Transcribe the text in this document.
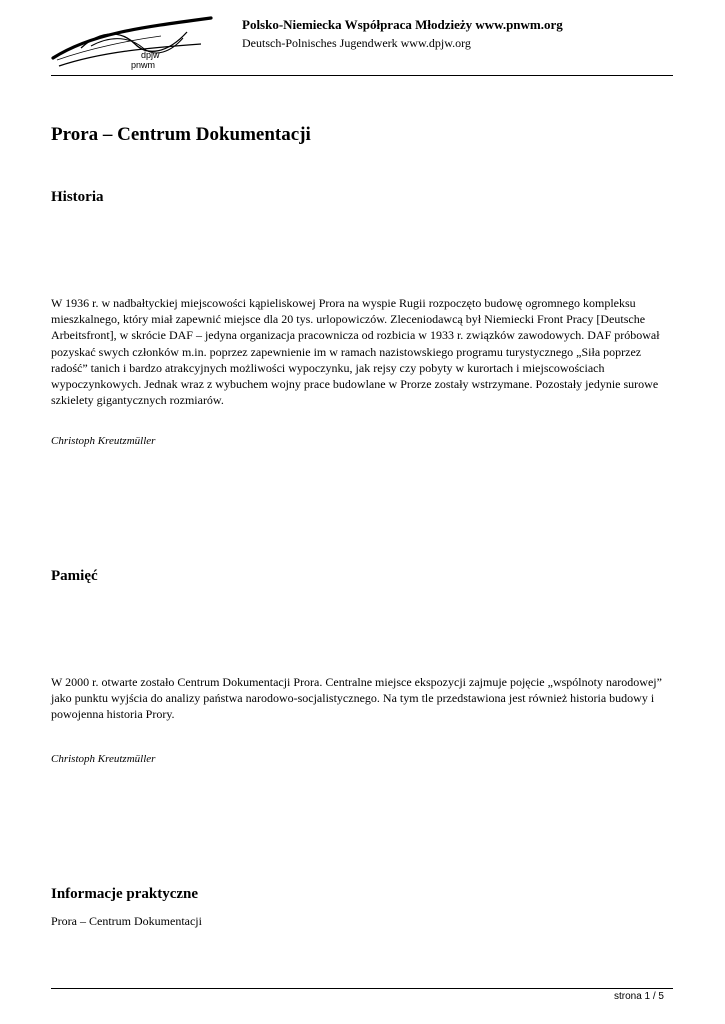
dpjw
pnwm
Polsko-Niemiecka Współpraca Młodzieży www.pnwm.org
Deutsch-Polnisches Jugendwerk www.dpjw.org
Prora – Centrum Dokumentacji
Historia

W 1936 r. w nadbałtyckiej miejscowości kąpieliskowej Prora na wyspie Rugii rozpoczęto budowę ogromnego kompleksu mieszkalnego, który miał zapewnić miejsce dla 20 tys. urlopowiczów. Zleceniodawcą był Niemiecki Front Pracy [Deutsche Arbeitsfront], w skrócie DAF – jedyna organizacja pracownicza od rozbicia w 1933 r. związków zawodowych. DAF próbował pozyskać swych członków m.in. poprzez zapewnienie im w ramach nazistowskiego programu turystycznego „Siła poprzez radość” tanich i bardzo atrakcyjnych możliwości wypoczynku, jak rejsy czy pobyty w kurortach i miejscowościach wypoczynkowych. Jednak wraz z wybuchem wojny prace budowlane w Prorze zostały wstrzymane. Pozostały jedynie surowe szkielety gigantycznych rozmiarów.

Christoph Kreutzmüller

Pamięć

W 2000 r. otwarte zostało Centrum Dokumentacji Prora. Centralne miejsce ekspozycji zajmuje pojęcie „wspólnoty narodowej” jako punktu wyjścia do analizy państwa narodowo-socjalistycznego. Na tym tle przedstawiona jest również historia budowy i powojenna historia Prory.

Christoph Kreutzmüller

Informacje praktyczne

Prora – Centrum Dokumentacji

strona 1 / 5
